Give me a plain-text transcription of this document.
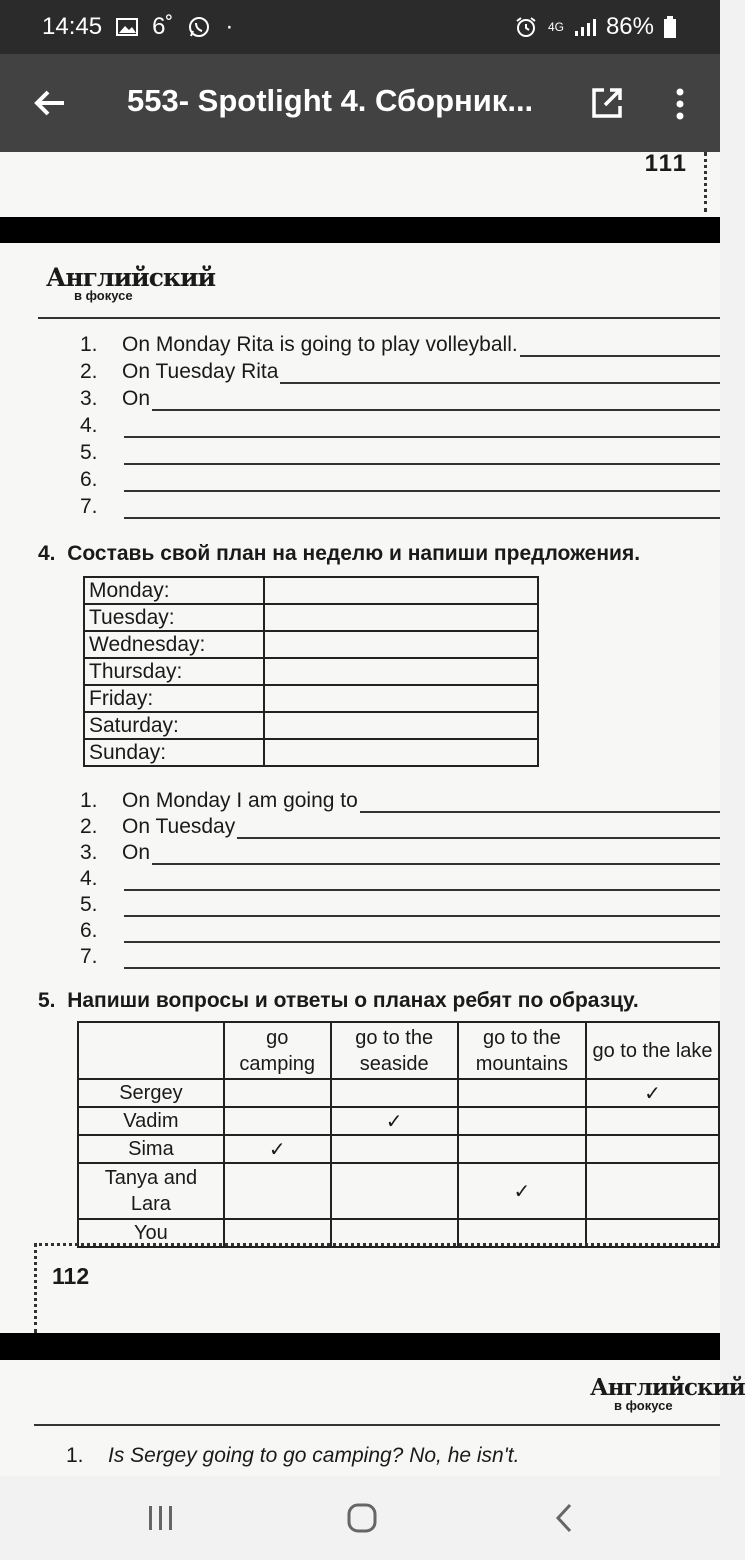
14:45 6˚ ·	4G 86%
553- Spotlight 4. Сборник...
111
Английский
в фокусе
1.	On Monday Rita is going to play volleyball.
2.	On Tuesday Rita
3.	On
4.
5.
6.
7.
4. Составь свой план на неделю и напиши предложения.
Monday:	
Tuesday:	
Wednesday:	
Thursday:	
Friday:	
Saturday:	
Sunday:	
1.	On Monday I am going to
2.	On Tuesday
3.	On
4.
5.
6.
7.
5. Напиши вопросы и ответы о планах ребят по образцу.
	go camping	go to the seaside	go to the mountains	go to the lake
Sergey				✓
Vadim		✓		
Sima	✓			
Tanya and Lara			✓	
You				
112
Английский
в фокусе
1. Is Sergey going to go camping? No, he isn't.
